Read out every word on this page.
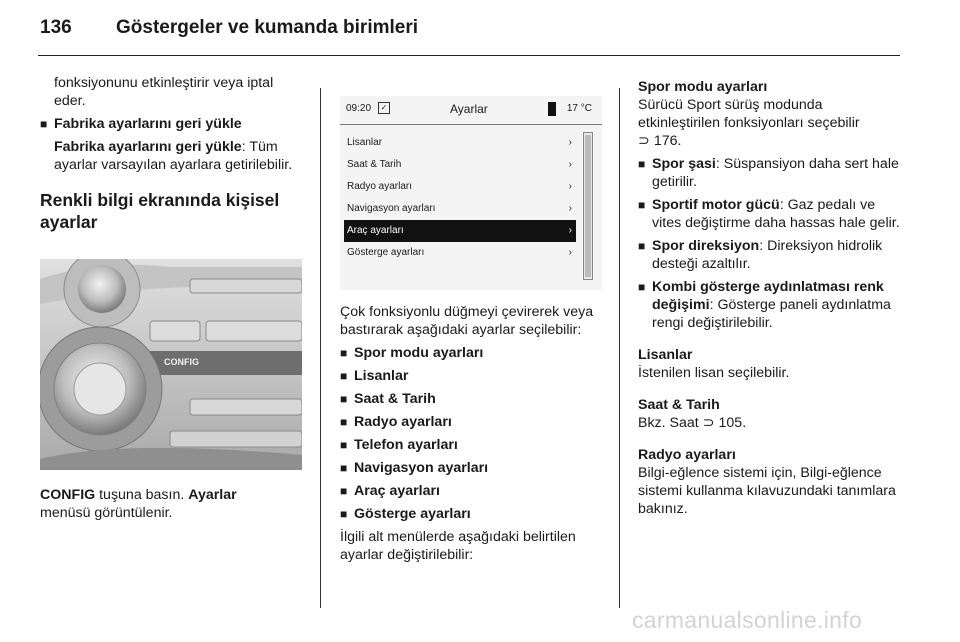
136 Göstergeler ve kumanda birimleri

fonksiyonunu etkinleştirir veya iptal eder.

■ Fabrika ayarlarını geri yükle

Fabrika ayarlarını geri yükle: Tüm ayarlar varsayılan ayarlara getirilebilir.

Renkli bilgi ekranında kişisel ayarlar

CONFIG

CONFIG tuşuna basın. Ayarlar
menüsü görüntülenir.

09:20	✓	Ayarlar	17 °C
Lisanlar	›
Saat & Tarih	›
Radyo ayarları	›
Navigasyon ayarları	›
Araç ayarları	›
Gösterge ayarları	›

Çok fonksiyonlu düğmeyi çevirerek veya bastırarak aşağıdaki ayarlar seçilebilir:

■ Spor modu ayarları
■ Lisanlar
■ Saat & Tarih
■ Radyo ayarları
■ Telefon ayarları
■ Navigasyon ayarları
■ Araç ayarları
■ Gösterge ayarları

İlgili alt menülerde aşağıdaki belirtilen ayarlar değiştirilebilir:

Spor modu ayarları

Sürücü Sport sürüş modunda etkinleştirilen fonksiyonları seçebilir
⊃ 176.

■ Spor şasi: Süspansiyon daha sert hale getirilir.
■ Sportif motor gücü: Gaz pedalı ve vites değiştirme daha hassas hale gelir.
■ Spor direksiyon: Direksiyon hidrolik desteği azaltılır.
■ Kombi gösterge aydınlatması renk değişimi: Gösterge paneli aydınlatma rengi değiştirilebilir.

Lisanlar

İstenilen lisan seçilebilir.

Saat & Tarih

Bkz. Saat ⊃ 105.

Radyo ayarları

Bilgi-eğlence sistemi için, Bilgi-eğlence sistemi kullanma kılavuzundaki tanımlara bakınız.

carmanualsonline.info
